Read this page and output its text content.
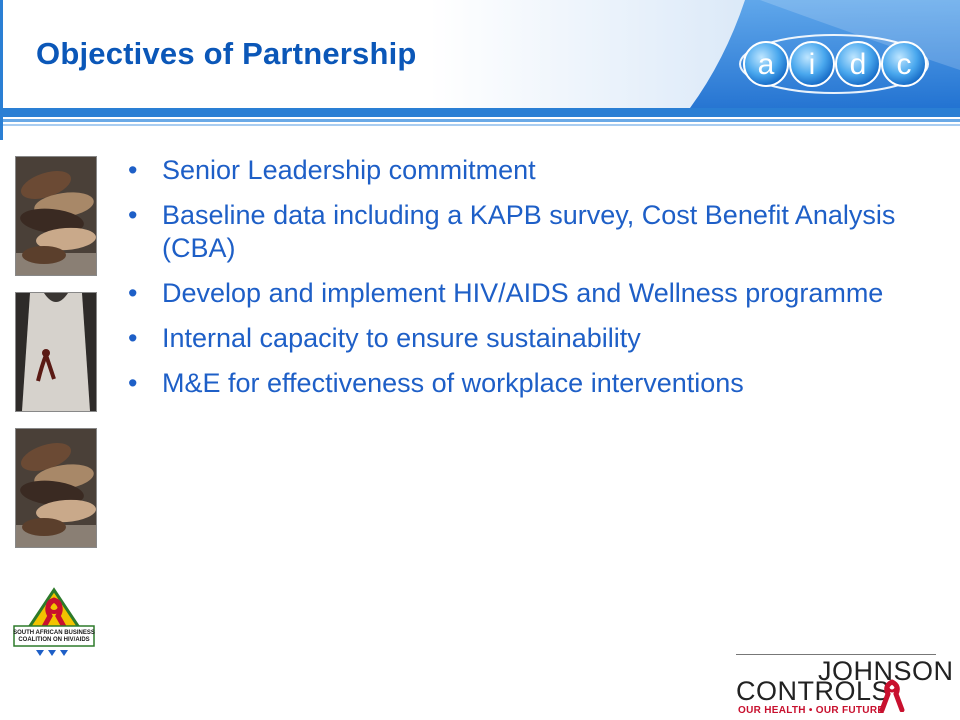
Objectives of Partnership	a i d c
• Senior Leadership commitment
• Baseline data including a KAPB survey, Cost Benefit Analysis (CBA)
• Develop and implement HIV/AIDS and Wellness programme
• Internal capacity to ensure sustainability
• M&E for effectiveness of workplace interventions
SOUTH AFRICAN BUSINESS COALITION ON HIV/AIDS
JOHNSON
CONTROLS
OUR HEALTH • OUR FUTURE
